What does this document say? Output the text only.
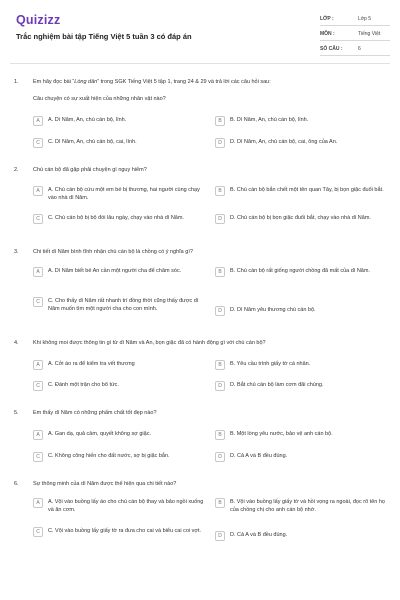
Quizizz
Trắc nghiệm bài tập Tiếng Việt 5 tuần 3 có đáp án
LỚP :	Lớp 5
MÔN :	Tiếng Việt
SỐ CÂU :	6
1.	Em hãy đọc bài “Lòng dân” trong SGK Tiếng Việt 5 tập 1, trang 24 & 29 và trả lời các câu hỏi sau:
Câu chuyện có sự xuất hiện của những nhân vật nào?
A	A. Dì Năm, An, chú cán bộ, lính.	B	B. Dì Năm, An, chú cán bộ, lính.
C	C. Dì Năm, An, chú cán bộ, cai, lính.	D	D. Dì Năm, An, chú cán bộ, cai, ông của An.
2.	Chú cán bộ đã gặp phải chuyện gì nguy hiểm?
A	A. Chú cán bộ cứu một em bé bị thương, hai người cùng chạy vào nhà dì Năm.
B	B. Chú cán bộ bắn chết một tên quan Tây, bị bọn giặc đuổi bắt.
C	C. Chú cán bộ bị bộ đói lâu ngày, chạy vào nhà dì Năm.	D	D. Chú cán bộ bị bọn giặc đuổi bắt, chạy vào nhà dì Năm.
3.	Chi tiết dì Năm bình tĩnh nhận chú cán bộ là chồng có ý nghĩa gì?
A	A. Dì Năm biết bé An cần một người cha để chăm sóc.	B	B. Chú cán bộ rất giống người chồng đã mất của dì Năm.
C	C. Cho thấy dì Năm rất nhanh trí đồng thời cũng thấy được dì Năm muốn tìm một người cha cho con mình.	D	D. Dì Năm yêu thương chú cán bộ.
4.	Khi không moi được thông tin gì từ dì Năm và An, bọn giặc đã có hành động gì với chú cán bộ?
A	A. Cởi áo ra để kiểm tra vết thương	B	B. Yêu cầu trình giấy tờ cá nhân.
C	C. Đánh một trận cho bõ tức.	D	D. Bắt chú cán bộ làm cơm đãi chúng.
5.	Em thấy dì Năm có những phẩm chất tốt đẹp nào?
A	A. Gan dạ, quả cảm, quyết không sợ giặc.	B	B. Một lòng yêu nước, bảo vệ anh cán bộ.
C	C. Không công hiến cho đất nước, sợ bị giặc bắn.	D	D. Cả A và B đều đúng.
6.	Sự thông minh của dì Năm được thể hiện qua chi tiết nào?
A	A. Vội vào buồng lấy áo cho chú cán bộ thay và bảo ngồi xuống và ăn cơm.
B	B. Vội vào buồng lấy giấy tờ và hồi vọng ra ngoài, đọc rõ tên họ của chồng chị cho anh cán bộ nhớ.
C	C. Vội vào buồng lấy giấy tờ ra đưa cho cai và biểu cai coi vợt.
D	D. Cả A và B đều đúng.
